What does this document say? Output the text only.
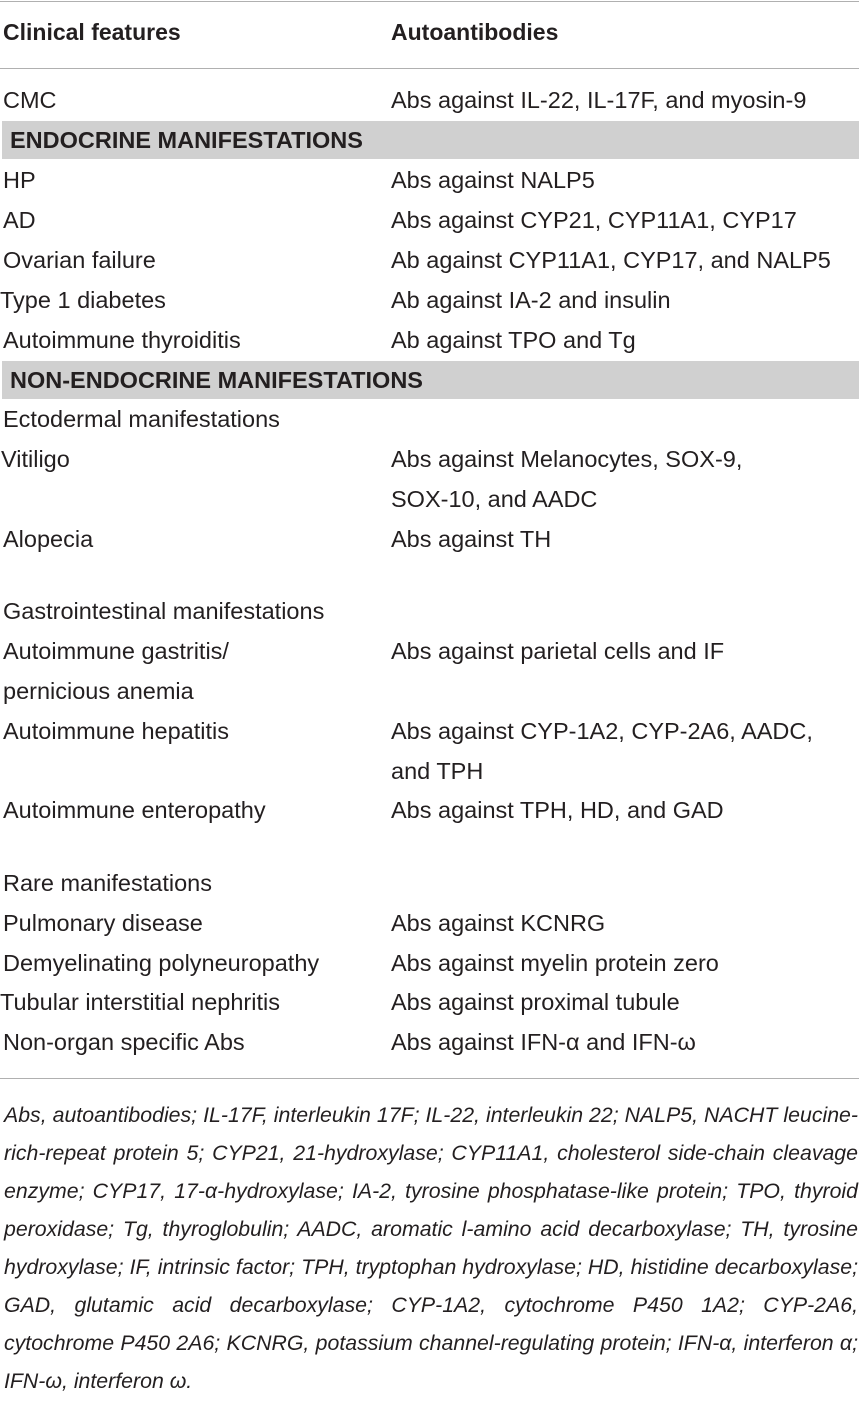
Clinical features	Autoantibodies
CMC	Abs against IL-22, IL-17F, and myosin-9
ENDOCRINE MANIFESTATIONS
HP	Abs against NALP5
AD	Abs against CYP21, CYP11A1, CYP17
Ovarian failure	Ab against CYP11A1, CYP17, and NALP5
Type 1 diabetes	Ab against IA-2 and insulin
Autoimmune thyroiditis	Ab against TPO and Tg
NON-ENDOCRINE MANIFESTATIONS
Ectodermal manifestations
Vitiligo	Abs against Melanocytes, SOX-9,
SOX-10, and AADC
Alopecia	Abs against TH
Gastrointestinal manifestations
Autoimmune gastritis/	Abs against parietal cells and IF
pernicious anemia
Autoimmune hepatitis	Abs against CYP-1A2, CYP-2A6, AADC,
and TPH
Autoimmune enteropathy	Abs against TPH, HD, and GAD
Rare manifestations
Pulmonary disease	Abs against KCNRG
Demyelinating polyneuropathy	Abs against myelin protein zero
Tubular interstitial nephritis	Abs against proximal tubule
Non-organ specific Abs	Abs against IFN-α and IFN-ω
Abs, autoantibodies; IL-17F, interleukin 17F; IL-22, interleukin 22; NALP5, NACHT leucine-rich-repeat protein 5; CYP21, 21-hydroxylase; CYP11A1, cholesterol side-chain cleavage enzyme; CYP17, 17-α-hydroxylase; IA-2, tyrosine phosphatase-like protein; TPO, thyroid peroxidase; Tg, thyroglobulin; AADC, aromatic l-amino acid decarboxylase; TH, tyrosine hydroxylase; IF, intrinsic factor; TPH, tryptophan hydroxylase; HD, histidine decarboxylase; GAD, glutamic acid decarboxylase; CYP-1A2, cytochrome P450 1A2; CYP-2A6, cytochrome P450 2A6; KCNRG, potassium channel-regulating protein; IFN-α, interferon α; IFN-ω, interferon ω.
